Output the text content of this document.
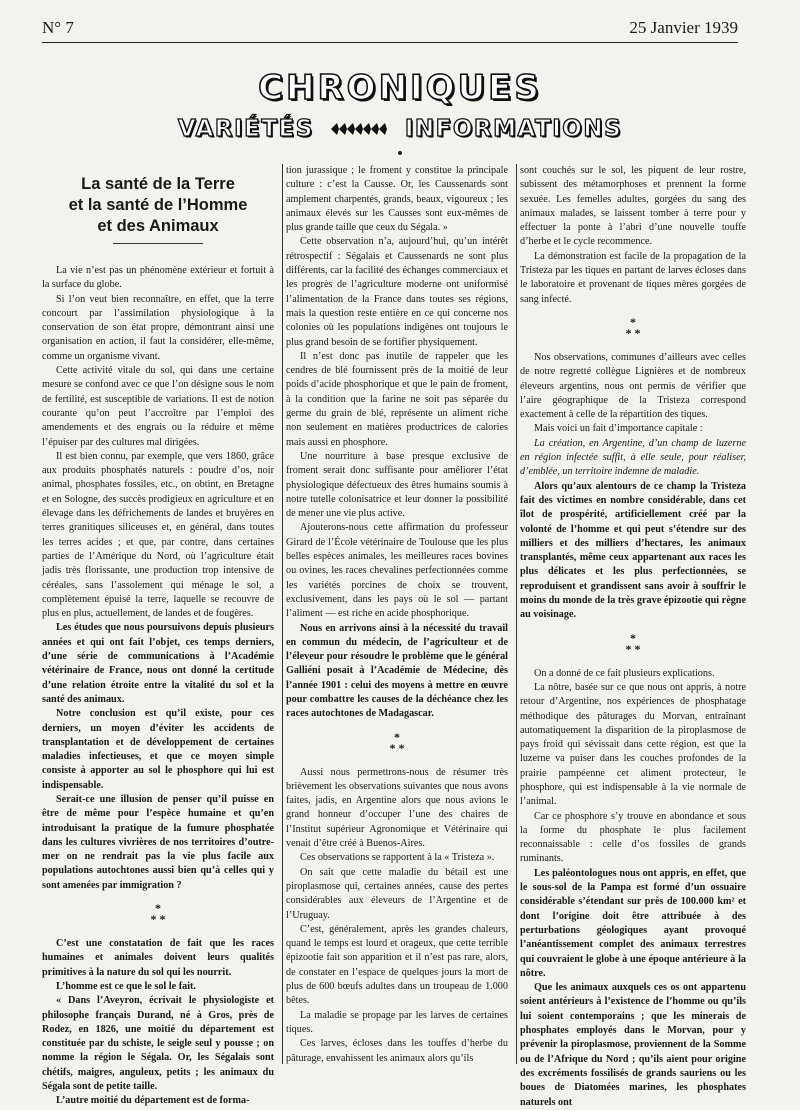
N° 7	25 Janvier 1939
CHRONIQUES
VARIÉTÉS	INFORMATIONS
La santé de la Terre
et la santé de l’Homme
et des Animaux

La vie n’est pas un phénomène extérieur et fortuit à la surface du globe.

Si l’on veut bien reconnaître, en effet, que la terre concourt par l’assimilation physiologique à la conservation de son état propre, démontrant ainsi une organisation en action, il faut la considérer, elle-même, comme un organisme vivant.

Cette activité vitale du sol, qui dans une certaine mesure se confond avec ce que l’on désigne sous le nom de fertilité, est susceptible de variations. Il est de notion courante qu’on peut l’accroître par l’emploi des amendements et des engrais ou la réduire et même l’épuiser par des cultures mal dirigées.

Il est bien connu, par exemple, que vers 1860, grâce aux produits phosphatés naturels : poudre d’os, noir animal, phosphates fossiles, etc., on obtint, en Bretagne et en Sologne, des succès prodigieux en agriculture et en élevage dans les défrichements de landes et bruyères en terres granitiques siliceuses et, en général, dans toutes les terres acides ; et que, par contre, dans certaines parties de l’Amérique du Nord, où l’agriculture était jadis très florissante, une production trop intensive de céréales, sans l’assolement qui ménage le sol, a complètement épuisé la terre, laquelle se recouvre de plus en plus, actuellement, de landes et de fougères.

Les études que nous poursuivons depuis plusieurs années et qui ont fait l’objet, ces temps derniers, d’une série de communications à l’Académie vétérinaire de France, nous ont donné la certitude d’une relation étroite entre la vitalité du sol et la santé des animaux.

Notre conclusion est qu’il existe, pour ces derniers, un moyen d’éviter les accidents de transplantation et de développement de certaines maladies infectieuses, et que ce moyen simple consiste à apporter au sol le phosphore qui lui est indispensable.

Serait-ce une illusion de penser qu’il puisse en être de même pour l’espèce humaine et qu’en introduisant la pratique de la fumure phosphatée dans les cultures vivrières de nos territoires d’outre-mer on ne rendrait pas la vie plus facile aux populations autochtones aussi bien qu’à celles qui y sont amenées par immigration ?

*
* *

C’est une constatation de fait que les races humaines et animales doivent leurs qualités primitives à la nature du sol qui les nourrit.

L’homme est ce que le sol le fait.

« Dans l’Aveyron, écrivait le physiologiste et philosophe français Durand, né à Gros, près de Rodez, en 1826, une moitié du département est constituée par du schiste, le seigle seul y pousse ; on nomme la région le Ségala. Or, les Ségalais sont chétifs, maigres, anguleux, petits ; les animaux du Ségala sont de petite taille.

L’autre moitié du département est de forma-

tion jurassique ; le froment y constitue la principale culture : c’est la Causse. Or, les Caussenards sont amplement charpentés, grands, beaux, vigoureux ; les animaux élevés sur les Causses sont eux-mêmes de plus grande taille que ceux du Ségala. »

Cette observation n’a, aujourd’hui, qu’un intérêt rétrospectif : Ségalais et Caussenards ne sont plus différents, car la facilité des échanges commerciaux et les progrès de l’agriculture moderne ont uniformisé l’alimentation de la France dans toutes ses régions, mais la question reste entière en ce qui concerne nos colonies où les populations indigènes ont toujours le plus grand besoin de se fortifier physiquement.

Il n’est donc pas inutile de rappeler que les cendres de blé fournissent près de la moitié de leur poids d’acide phosphorique et que le pain de froment, à la condition que la farine ne soit pas séparée du germe du grain de blé, représente un aliment riche non seulement en matières productrices de calories mais aussi en phosphore.

Une nourriture à base presque exclusive de froment serait donc suffisante pour améliorer l’état physiologique défectueux des êtres humains soumis à notre tutelle colonisatrice et leur donner la possibilité de mener une vie plus active.

Ajouterons-nous cette affirmation du professeur Girard de l’École vétérinaire de Toulouse que les plus belles espèces animales, les meilleures races bovines ou ovines, les races chevalines perfectionnées comme les variétés porcines de choix se trouvent, exclusivement, dans les pays où le sol — partant l’aliment — est riche en acide phosphorique.

Nous en arrivons ainsi à la nécessité du travail en commun du médecin, de l’agriculteur et de l’éleveur pour résoudre le problème que le général Galliéni posait à l’Académie de Médecine, dès l’année 1901 : celui des moyens à mettre en œuvre pour combattre les causes de la déchéance chez les races autochtones de Madagascar.

*
* *

Aussi nous permettrons-nous de résumer très brièvement les observations suivantes que nous avons faites, jadis, en Argentine alors que nous avions le grand honneur d’occuper l’une des chaires de l’Institut supérieur Agronomique et Vétérinaire qui venait d’être créé à Buenos-Aires.

Ces observations se rapportent à la « Tristeza ».

On sait que cette maladie du bétail est une piroplasmose qui, certaines années, cause des pertes considérables aux éleveurs de l’Argentine et de l’Uruguay.

C’est, généralement, après les grandes chaleurs, quand le temps est lourd et orageux, que cette terrible épizootie fait son apparition et il n’est pas rare, alors, de constater en l’espace de quelques jours la mort de plus de 600 bœufs adultes dans un troupeau de 1.000 bêtes.

La maladie se propage par les larves de certaines tiques.

Ces larves, écloses dans les touffes d’herbe du pâturage, envahissent les animaux alors qu’ils

sont couchés sur le sol, les piquent de leur rostre, subissent des métamorphoses et prennent la forme sexuée. Les femelles adultes, gorgées du sang des animaux malades, se laissent tomber à terre pour y effectuer la ponte à l’abri d’une nouvelle touffe d’herbe et le cycle recommence.

La démonstration est facile de la propagation de la Tristeza par les tiques en partant de larves écloses dans le laboratoire et provenant de tiques mères gorgées de sang infecté.

*
* *

Nos observations, communes d’ailleurs avec celles de notre regretté collègue Lignières et de nombreux éleveurs argentins, nous ont permis de vérifier que l’aire géographique de la Tristeza correspond exactement à celle de la répartition des tiques.

Mais voici un fait d’importance capitale :

La création, en Argentine, d’un champ de luzerne en région infectée suffit, à elle seule, pour réaliser, d’emblée, un territoire indemne de maladie.

Alors qu’aux alentours de ce champ la Tristeza fait des victimes en nombre considérable, dans cet îlot de prospérité, artificiellement créé par la volonté de l’homme et qui peut s’étendre sur des milliers et des milliers d’hectares, les animaux transplantés, même ceux appartenant aux races les plus délicates et les plus perfectionnées, se reproduisent et grandissent sans avoir à souffrir le moins du monde de la très grave épizootie qui règne au voisinage.

*
* *

On a donné de ce fait plusieurs explications.

La nôtre, basée sur ce que nous ont appris, à notre retour d’Argentine, nos expériences de phosphatage méthodique des pâturages du Morvan, entraînant automatiquement la disparition de la piroplasmose de pays froid qui sévissait dans cette région, est que la luzerne va puiser dans les couches profondes de la prairie pampéenne cet aliment protecteur, le phosphore, qui est indispensable à la vie normale de l’animal.

Car ce phosphore s’y trouve en abondance et sous la forme du phosphate le plus facilement reconnaissable : celle d’os fossiles de grands ruminants.

Les paléontologues nous ont appris, en effet, que le sous-sol de la Pampa est formé d’un ossuaire considérable s’étendant sur près de 100.000 km² et dont l’origine doit être attribuée à des perturbations géologiques ayant provoqué l’anéantissement complet des animaux terrestres qui couvraient le globe à une époque antérieure à la nôtre.

Que les animaux auxquels ces os ont appartenu soient antérieurs à l’existence de l’homme ou qu’ils lui soient contemporains ; que les minerais de phosphates employés dans le Morvan, pour y prévenir la piroplasmose, proviennent de la Somme ou de l’Afrique du Nord ; qu’ils aient pour origine des excréments fossilisés de grands sauriens ou les boues de Diatomées marines, les phosphates naturels ont
